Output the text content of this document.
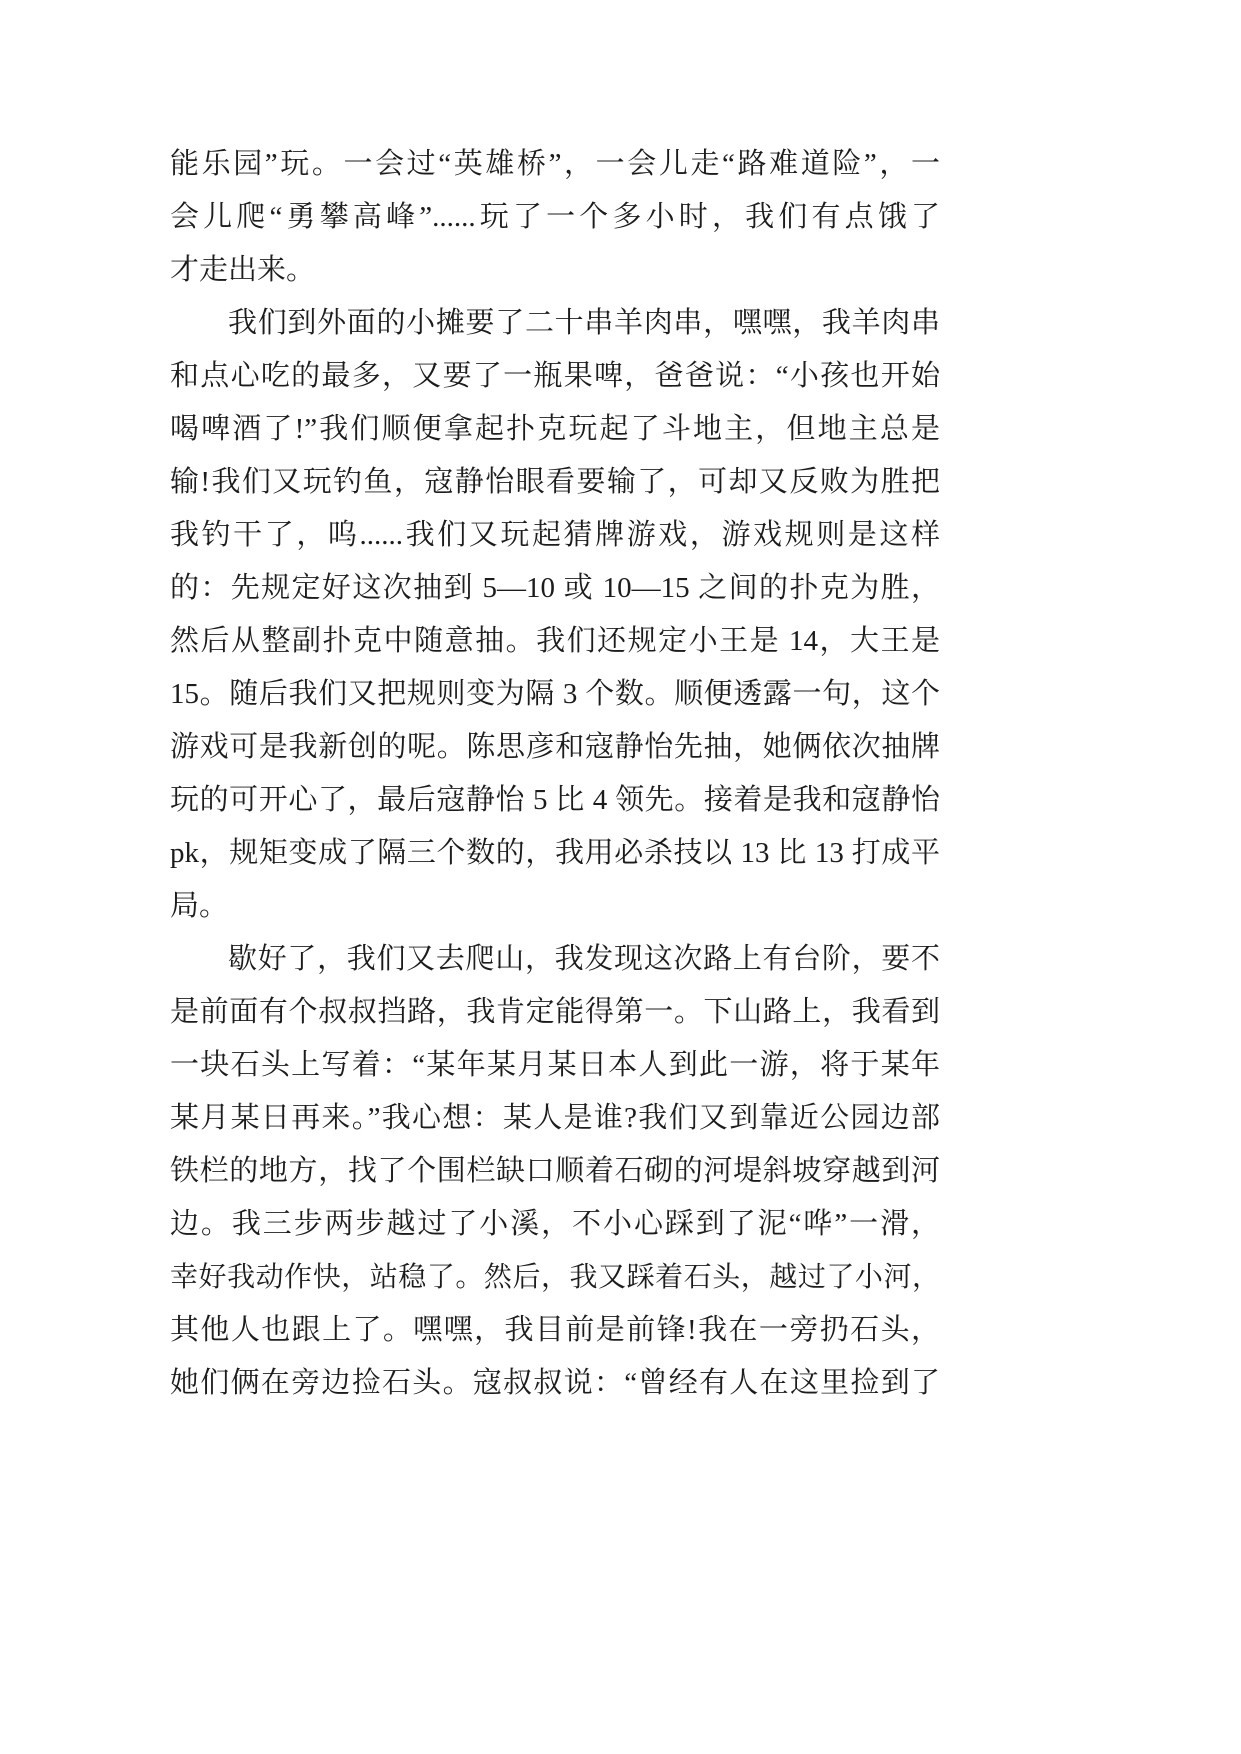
能乐园”玩。一会过“英雄桥”，一会儿走“路难道险”，一
会儿爬“勇攀高峰”......玩了一个多小时，我们有点饿了
才走出来。
我们到外面的小摊要了二十串羊肉串，嘿嘿，我羊肉串
和点心吃的最多，又要了一瓶果啤，爸爸说：“小孩也开始
喝啤酒了!”我们顺便拿起扑克玩起了斗地主，但地主总是
输!我们又玩钓鱼，寇静怡眼看要输了，可却又反败为胜把
我钓干了，呜......我们又玩起猜牌游戏，游戏规则是这样
的：先规定好这次抽到 5—10 或 10—15 之间的扑克为胜，
然后从整副扑克中随意抽。我们还规定小王是 14，大王是
15。随后我们又把规则变为隔 3 个数。顺便透露一句，这个
游戏可是我新创的呢。陈思彦和寇静怡先抽，她俩依次抽牌
玩的可开心了，最后寇静怡 5 比 4 领先。接着是我和寇静怡
pk，规矩变成了隔三个数的，我用必杀技以 13 比 13 打成平
局。
歇好了，我们又去爬山，我发现这次路上有台阶，要不
是前面有个叔叔挡路，我肯定能得第一。下山路上，我看到
一块石头上写着：“某年某月某日本人到此一游，将于某年
某月某日再来。”我心想：某人是谁?我们又到靠近公园边部
铁栏的地方，找了个围栏缺口顺着石砌的河堤斜坡穿越到河
边。我三步两步越过了小溪，不小心踩到了泥“哗”一滑，
幸好我动作快，站稳了。然后，我又踩着石头，越过了小河，
其他人也跟上了。嘿嘿，我目前是前锋!我在一旁扔石头，
她们俩在旁边捡石头。寇叔叔说：“曾经有人在这里捡到了
